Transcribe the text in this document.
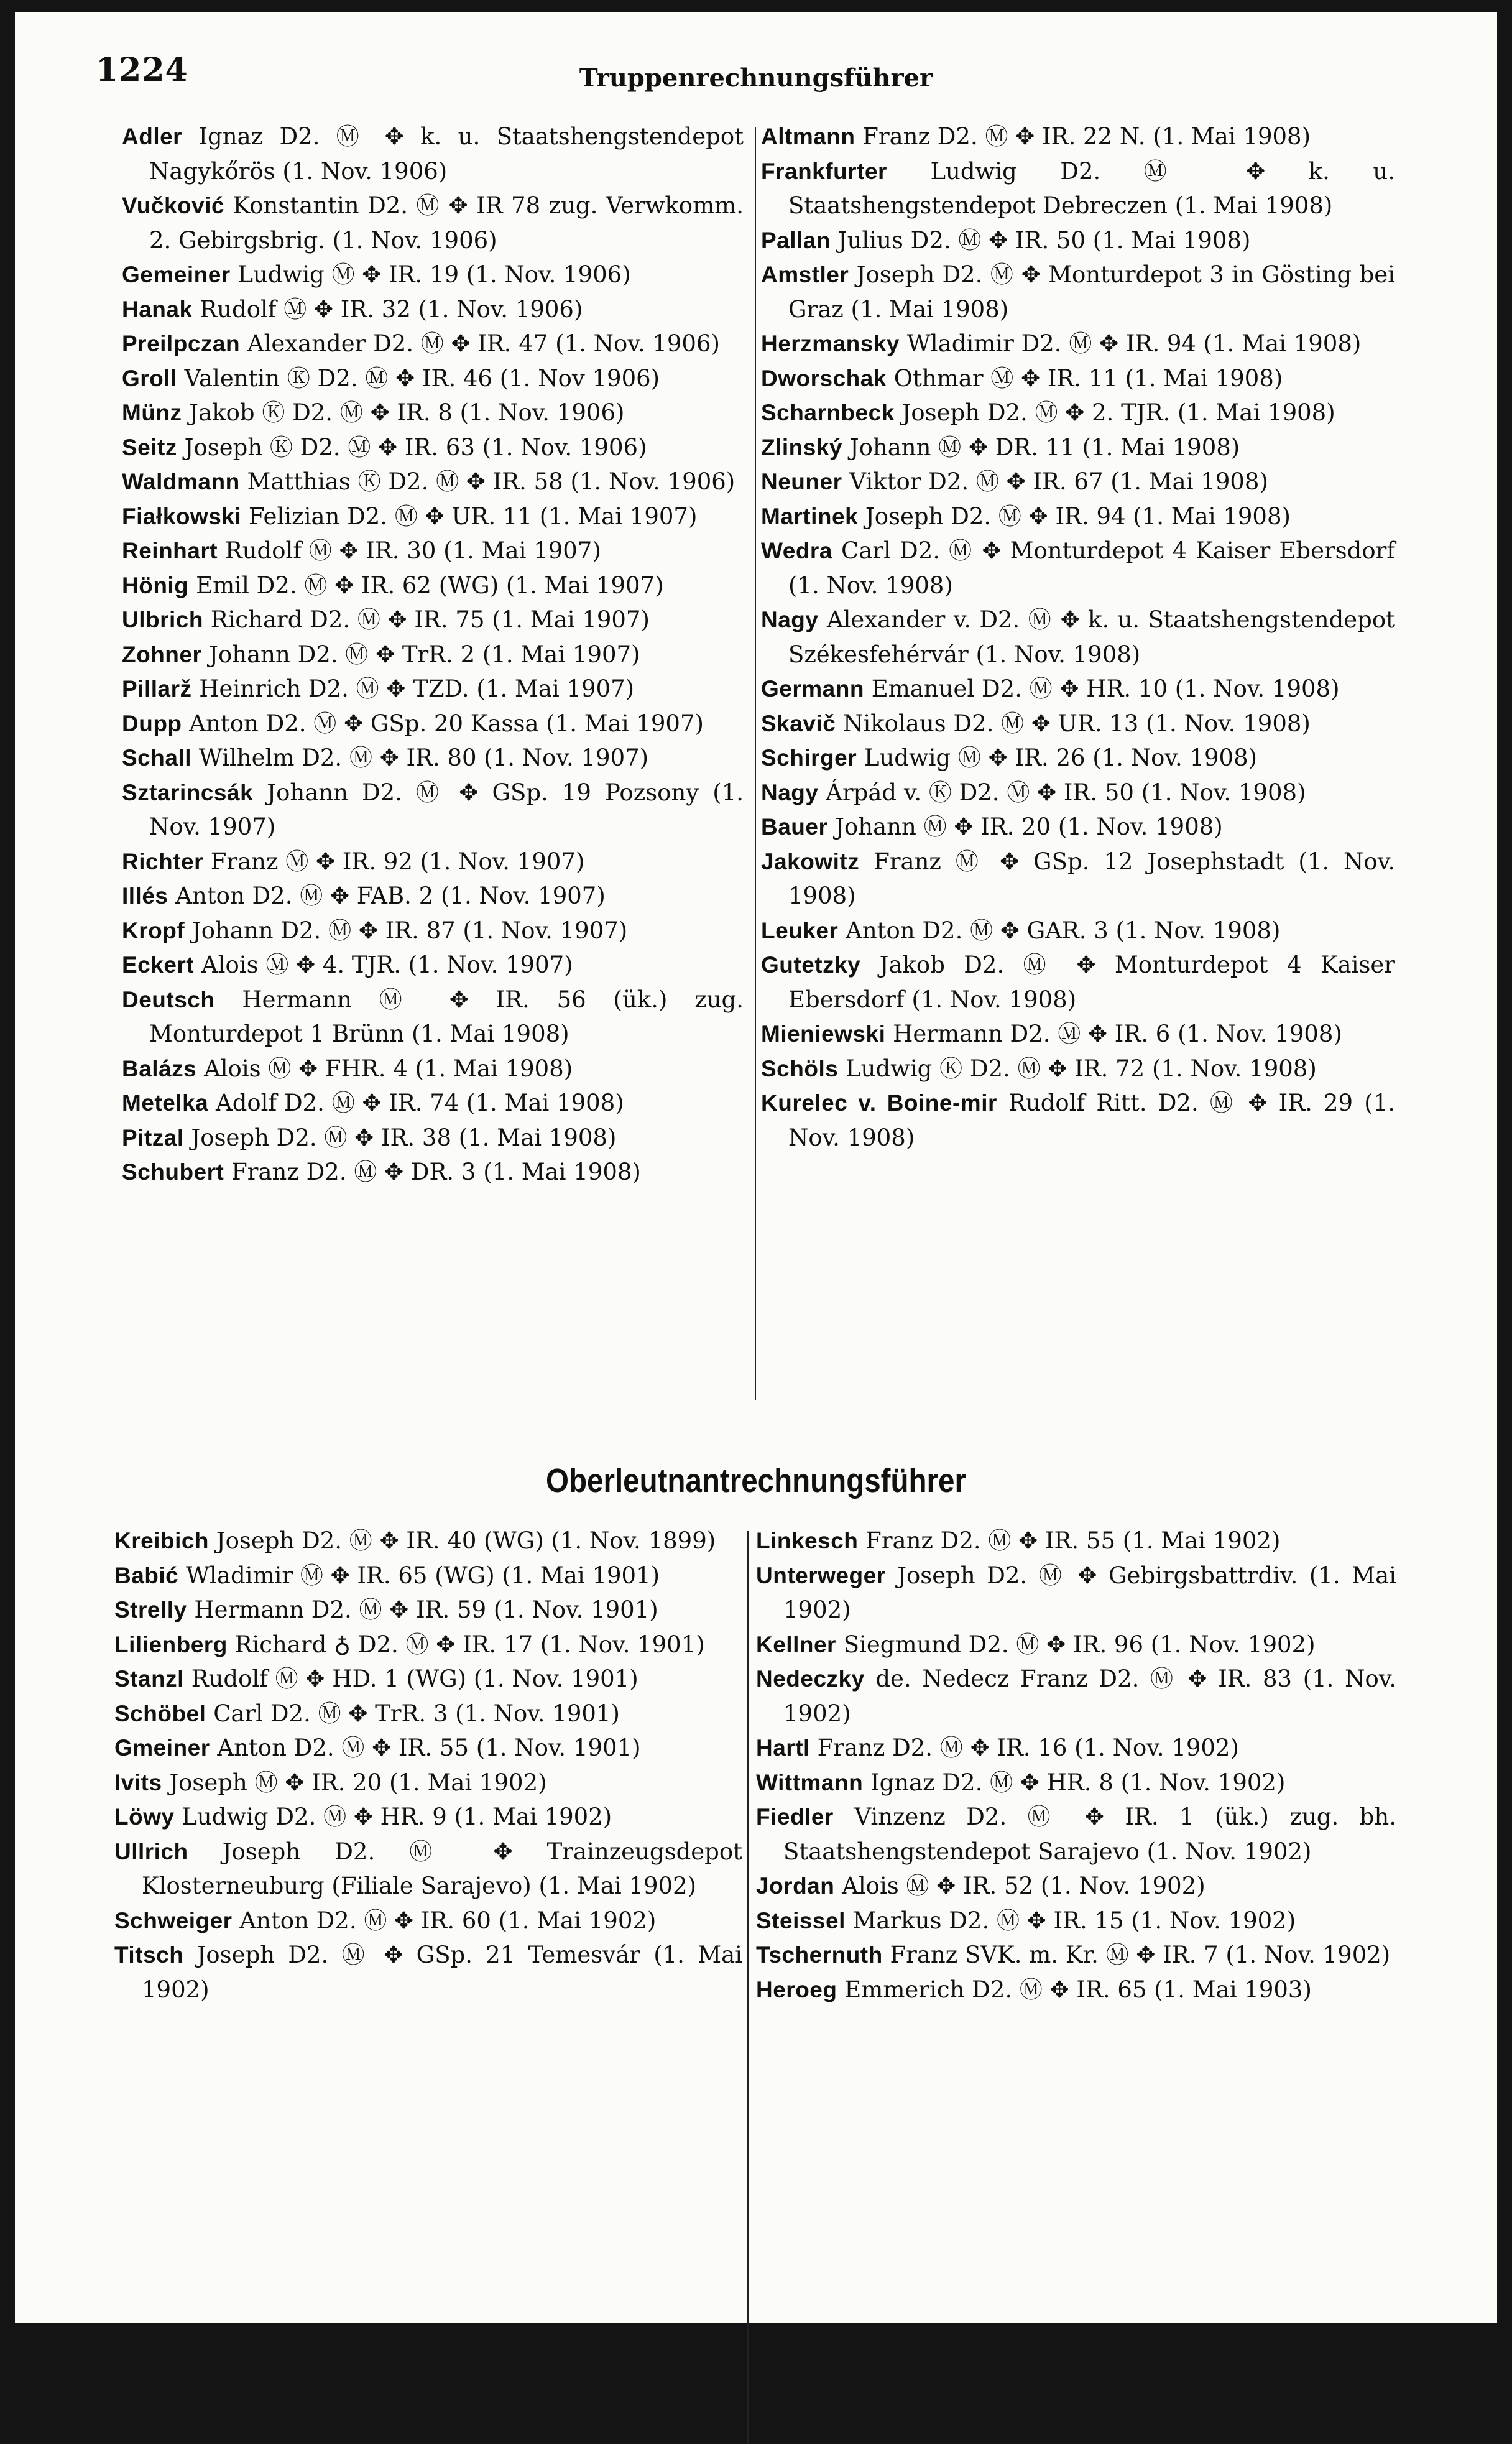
1224	Truppenrechnungsführer
Adler Ignaz D2. Ⓜ ✥ k. u. Staatshengstendepot Nagykőrös (1. Nov. 1906)
Vučković Konstantin D2. Ⓜ ✥ IR 78 zug. Verwkomm. 2. Gebirgsbrig. (1. Nov. 1906)
Gemeiner Ludwig Ⓜ ✥ IR. 19 (1. Nov. 1906)
Hanak Rudolf Ⓜ ✥ IR. 32 (1. Nov. 1906)
Preilpczan Alexander D2. Ⓜ ✥ IR. 47 (1. Nov. 1906)
Groll Valentin Ⓚ D2. Ⓜ ✥ IR. 46 (1. Nov 1906)
Münz Jakob Ⓚ D2. Ⓜ ✥ IR. 8 (1. Nov. 1906)
Seitz Joseph Ⓚ D2. Ⓜ ✥ IR. 63 (1. Nov. 1906)
Waldmann Matthias Ⓚ D2. Ⓜ ✥ IR. 58 (1. Nov. 1906)
Fiałkowski Felizian D2. Ⓜ ✥ UR. 11 (1. Mai 1907)
Reinhart Rudolf Ⓜ ✥ IR. 30 (1. Mai 1907)
Hönig Emil D2. Ⓜ ✥ IR. 62 (WG) (1. Mai 1907)
Ulbrich Richard D2. Ⓜ ✥ IR. 75 (1. Mai 1907)
Zohner Johann D2. Ⓜ ✥ TrR. 2 (1. Mai 1907)
Pillarž Heinrich D2. Ⓜ ✥ TZD. (1. Mai 1907)
Dupp Anton D2. Ⓜ ✥ GSp. 20 Kassa (1. Mai 1907)
Schall Wilhelm D2. Ⓜ ✥ IR. 80 (1. Nov. 1907)
Sztarincsák Johann D2. Ⓜ ✥ GSp. 19 Pozsony (1. Nov. 1907)
Richter Franz Ⓜ ✥ IR. 92 (1. Nov. 1907)
Illés Anton D2. Ⓜ ✥ FAB. 2 (1. Nov. 1907)
Kropf Johann D2. Ⓜ ✥ IR. 87 (1. Nov. 1907)
Eckert Alois Ⓜ ✥ 4. TJR. (1. Nov. 1907)
Deutsch Hermann Ⓜ ✥ IR. 56 (ük.) zug. Monturdepot 1 Brünn (1. Mai 1908)
Balázs Alois Ⓜ ✥ FHR. 4 (1. Mai 1908)
Metelka Adolf D2. Ⓜ ✥ IR. 74 (1. Mai 1908)
Pitzal Joseph D2. Ⓜ ✥ IR. 38 (1. Mai 1908)
Schubert Franz D2. Ⓜ ✥ DR. 3 (1. Mai 1908)
Altmann Franz D2. Ⓜ ✥ IR. 22 N. (1. Mai 1908)
Frankfurter Ludwig D2. Ⓜ ✥ k. u. Staatshengstendepot Debreczen (1. Mai 1908)
Pallan Julius D2. Ⓜ ✥ IR. 50 (1. Mai 1908)
Amstler Joseph D2. Ⓜ ✥ Monturdepot 3 in Gösting bei Graz (1. Mai 1908)
Herzmansky Wladimir D2. Ⓜ ✥ IR. 94 (1. Mai 1908)
Dworschak Othmar Ⓜ ✥ IR. 11 (1. Mai 1908)
Scharnbeck Joseph D2. Ⓜ ✥ 2. TJR. (1. Mai 1908)
Zlinský Johann Ⓜ ✥ DR. 11 (1. Mai 1908)
Neuner Viktor D2. Ⓜ ✥ IR. 67 (1. Mai 1908)
Martinek Joseph D2. Ⓜ ✥ IR. 94 (1. Mai 1908)
Wedra Carl D2. Ⓜ ✥ Monturdepot 4 Kaiser Ebersdorf (1. Nov. 1908)
Nagy Alexander v. D2. Ⓜ ✥ k. u. Staatshengstendepot Székesfehérvár (1. Nov. 1908)
Germann Emanuel D2. Ⓜ ✥ HR. 10 (1. Nov. 1908)
Skavič Nikolaus D2. Ⓜ ✥ UR. 13 (1. Nov. 1908)
Schirger Ludwig Ⓜ ✥ IR. 26 (1. Nov. 1908)
Nagy Árpád v. Ⓚ D2. Ⓜ ✥ IR. 50 (1. Nov. 1908)
Bauer Johann Ⓜ ✥ IR. 20 (1. Nov. 1908)
Jakowitz Franz Ⓜ ✥ GSp. 12 Josephstadt (1. Nov. 1908)
Leuker Anton D2. Ⓜ ✥ GAR. 3 (1. Nov. 1908)
Gutetzky Jakob D2. Ⓜ ✥ Monturdepot 4 Kaiser Ebersdorf (1. Nov. 1908)
Mieniewski Hermann D2. Ⓜ ✥ IR. 6 (1. Nov. 1908)
Schöls Ludwig Ⓚ D2. Ⓜ ✥ IR. 72 (1. Nov. 1908)
Kurelec v. Boine-mir Rudolf Ritt. D2. Ⓜ ✥ IR. 29 (1. Nov. 1908)
Oberleutnantrechnungsführer
Kreibich Joseph D2. Ⓜ ✥ IR. 40 (WG) (1. Nov. 1899)
Babić Wladimir Ⓜ ✥ IR. 65 (WG) (1. Mai 1901)
Strelly Hermann D2. Ⓜ ✥ IR. 59 (1. Nov. 1901)
Lilienberg Richard ♁ D2. Ⓜ ✥ IR. 17 (1. Nov. 1901)
Stanzl Rudolf Ⓜ ✥ HD. 1 (WG) (1. Nov. 1901)
Schöbel Carl D2. Ⓜ ✥ TrR. 3 (1. Nov. 1901)
Gmeiner Anton D2. Ⓜ ✥ IR. 55 (1. Nov. 1901)
Ivits Joseph Ⓜ ✥ IR. 20 (1. Mai 1902)
Löwy Ludwig D2. Ⓜ ✥ HR. 9 (1. Mai 1902)
Ullrich Joseph D2. Ⓜ ✥ Trainzeugsdepot Klosterneuburg (Filiale Sarajevo) (1. Mai 1902)
Schweiger Anton D2. Ⓜ ✥ IR. 60 (1. Mai 1902)
Titsch Joseph D2. Ⓜ ✥ GSp. 21 Temesvár (1. Mai 1902)
Linkesch Franz D2. Ⓜ ✥ IR. 55 (1. Mai 1902)
Unterweger Joseph D2. Ⓜ ✥ Gebirgsbattrdiv. (1. Mai 1902)
Kellner Siegmund D2. Ⓜ ✥ IR. 96 (1. Nov. 1902)
Nedeczky de. Nedecz Franz D2. Ⓜ ✥ IR. 83 (1. Nov. 1902)
Hartl Franz D2. Ⓜ ✥ IR. 16 (1. Nov. 1902)
Wittmann Ignaz D2. Ⓜ ✥ HR. 8 (1. Nov. 1902)
Fiedler Vinzenz D2. Ⓜ ✥ IR. 1 (ük.) zug. bh. Staatshengstendepot Sarajevo (1. Nov. 1902)
Jordan Alois Ⓜ ✥ IR. 52 (1. Nov. 1902)
Steissel Markus D2. Ⓜ ✥ IR. 15 (1. Nov. 1902)
Tschernuth Franz SVK. m. Kr. Ⓜ ✥ IR. 7 (1. Nov. 1902)
Heroeg Emmerich D2. Ⓜ ✥ IR. 65 (1. Mai 1903)
